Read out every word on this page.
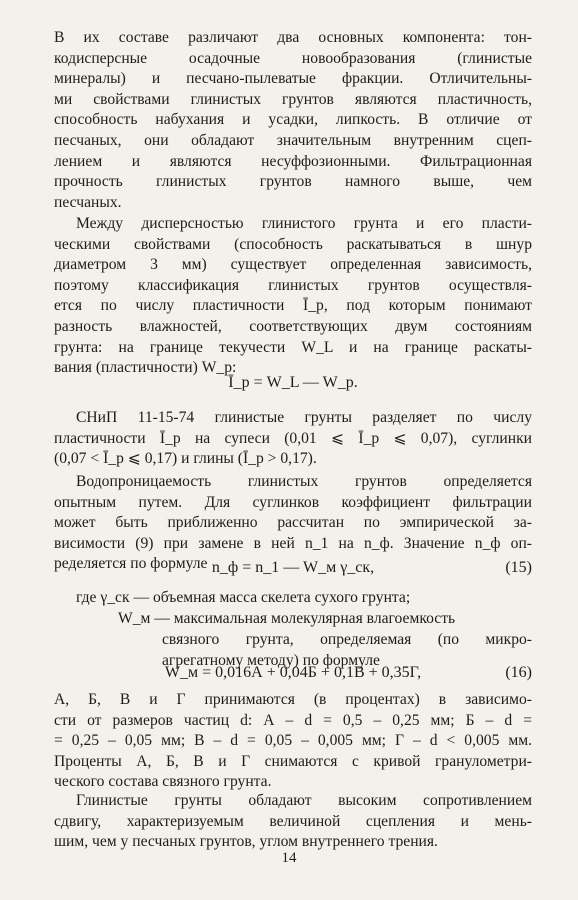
В их составе различают два основных компонента: тон-
кодисперсные осадочные новообразования (глинистые
минералы) и песчано-пылеватые фракции. Отличительны-
ми свойствами глинистых грунтов являются пластичность,
способность набухания и усадки, липкость. В отличие от
песчаных, они обладают значительным внутренним сцеп-
лением и являются несуффозионными. Фильтрационная
прочность глинистых грунтов намного выше, чем
песчаных.
Между дисперсностью глинистого грунта и его пласти-
ческими свойствами (способность раскатываться в шнур
диаметром 3 мм) существует определенная зависимость,
поэтому классификация глинистых грунтов осуществля-
ется по числу пластичности Ī_р, под которым понимают
разность влажностей, соответствующих двум состояниям
грунта: на границе текучести W_L и на границе раскаты-
вания (пластичности) W_р:
Ī_р = W_L — W_р.
СНиП 11-15-74 глинистые грунты разделяет по числу
пластичности Ī_р на супеси (0,01 ⩽ Ī_р ⩽ 0,07), суглинки
(0,07 < Ī_р ⩽ 0,17) и глины (Ī_р > 0,17).
Водопроницаемость глинистых грунтов определяется
опытным путем. Для суглинков коэффициент фильтрации
может быть приближенно рассчитан по эмпирической за-
висимости (9) при замене в ней n_1 на n_ф. Значение n_ф оп-
ределяется по формуле n_ф = n_1 — W_м γ_ск,	(15)
где γ_ск — объемная масса скелета сухого грунта;
W_м — максимальная молекулярная влагоемкость
связного грунта, определяемая (по микро-
агрегатному методу) по формуле
W_м = 0,016А + 0,04Б + 0,1В + 0,35Г,	(16)
А, Б, В и Г принимаются (в процентах) в зависимо-
сти от размеров частиц d: А – d = 0,5 – 0,25 мм; Б – d =
= 0,25 – 0,05 мм; В – d = 0,05 – 0,005 мм; Г – d < 0,005 мм.
Проценты А, Б, В и Г снимаются с кривой гранулометри-
ческого состава связного грунта.
Глинистые грунты обладают высоким сопротивлением
сдвигу, характеризуемым величиной сцепления и мень-
шим, чем у песчаных грунтов, углом внутреннего трения.
14
